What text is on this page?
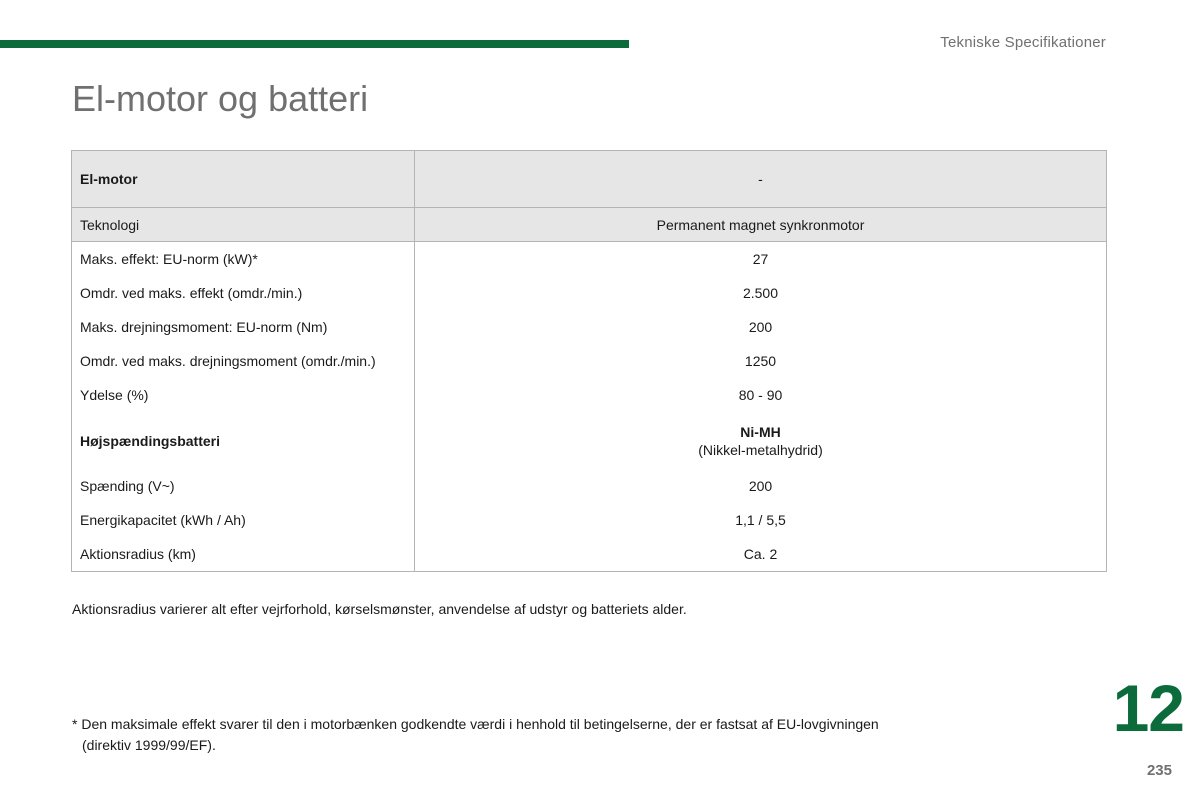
Tekniske Specifikationer
El-motor og batteri
El-motor	-
Teknologi	Permanent magnet synkronmotor
Maks. effekt: EU-norm (kW)*	27
Omdr. ved maks. effekt (omdr./min.)	2.500
Maks. drejningsmoment: EU-norm (Nm)	200
Omdr. ved maks. drejningsmoment (omdr./min.)	1250
Ydelse (%)	80 - 90
Højspændingsbatteri	Ni-MH
(Nikkel-metalhydrid)

Spænding (V~)	200
Energikapacitet (kWh / Ah)	1,1 / 5,5
Aktionsradius (km)	Ca. 2

Aktionsradius varierer alt efter vejrforhold, kørselsmønster, anvendelse af udstyr og batteriets alder.

* Den maksimale effekt svarer til den i motorbænken godkendte værdi i henhold til betingelserne, der er fastsat af EU-lovgivningen
(direktiv 1999/99/EF).	12
235
